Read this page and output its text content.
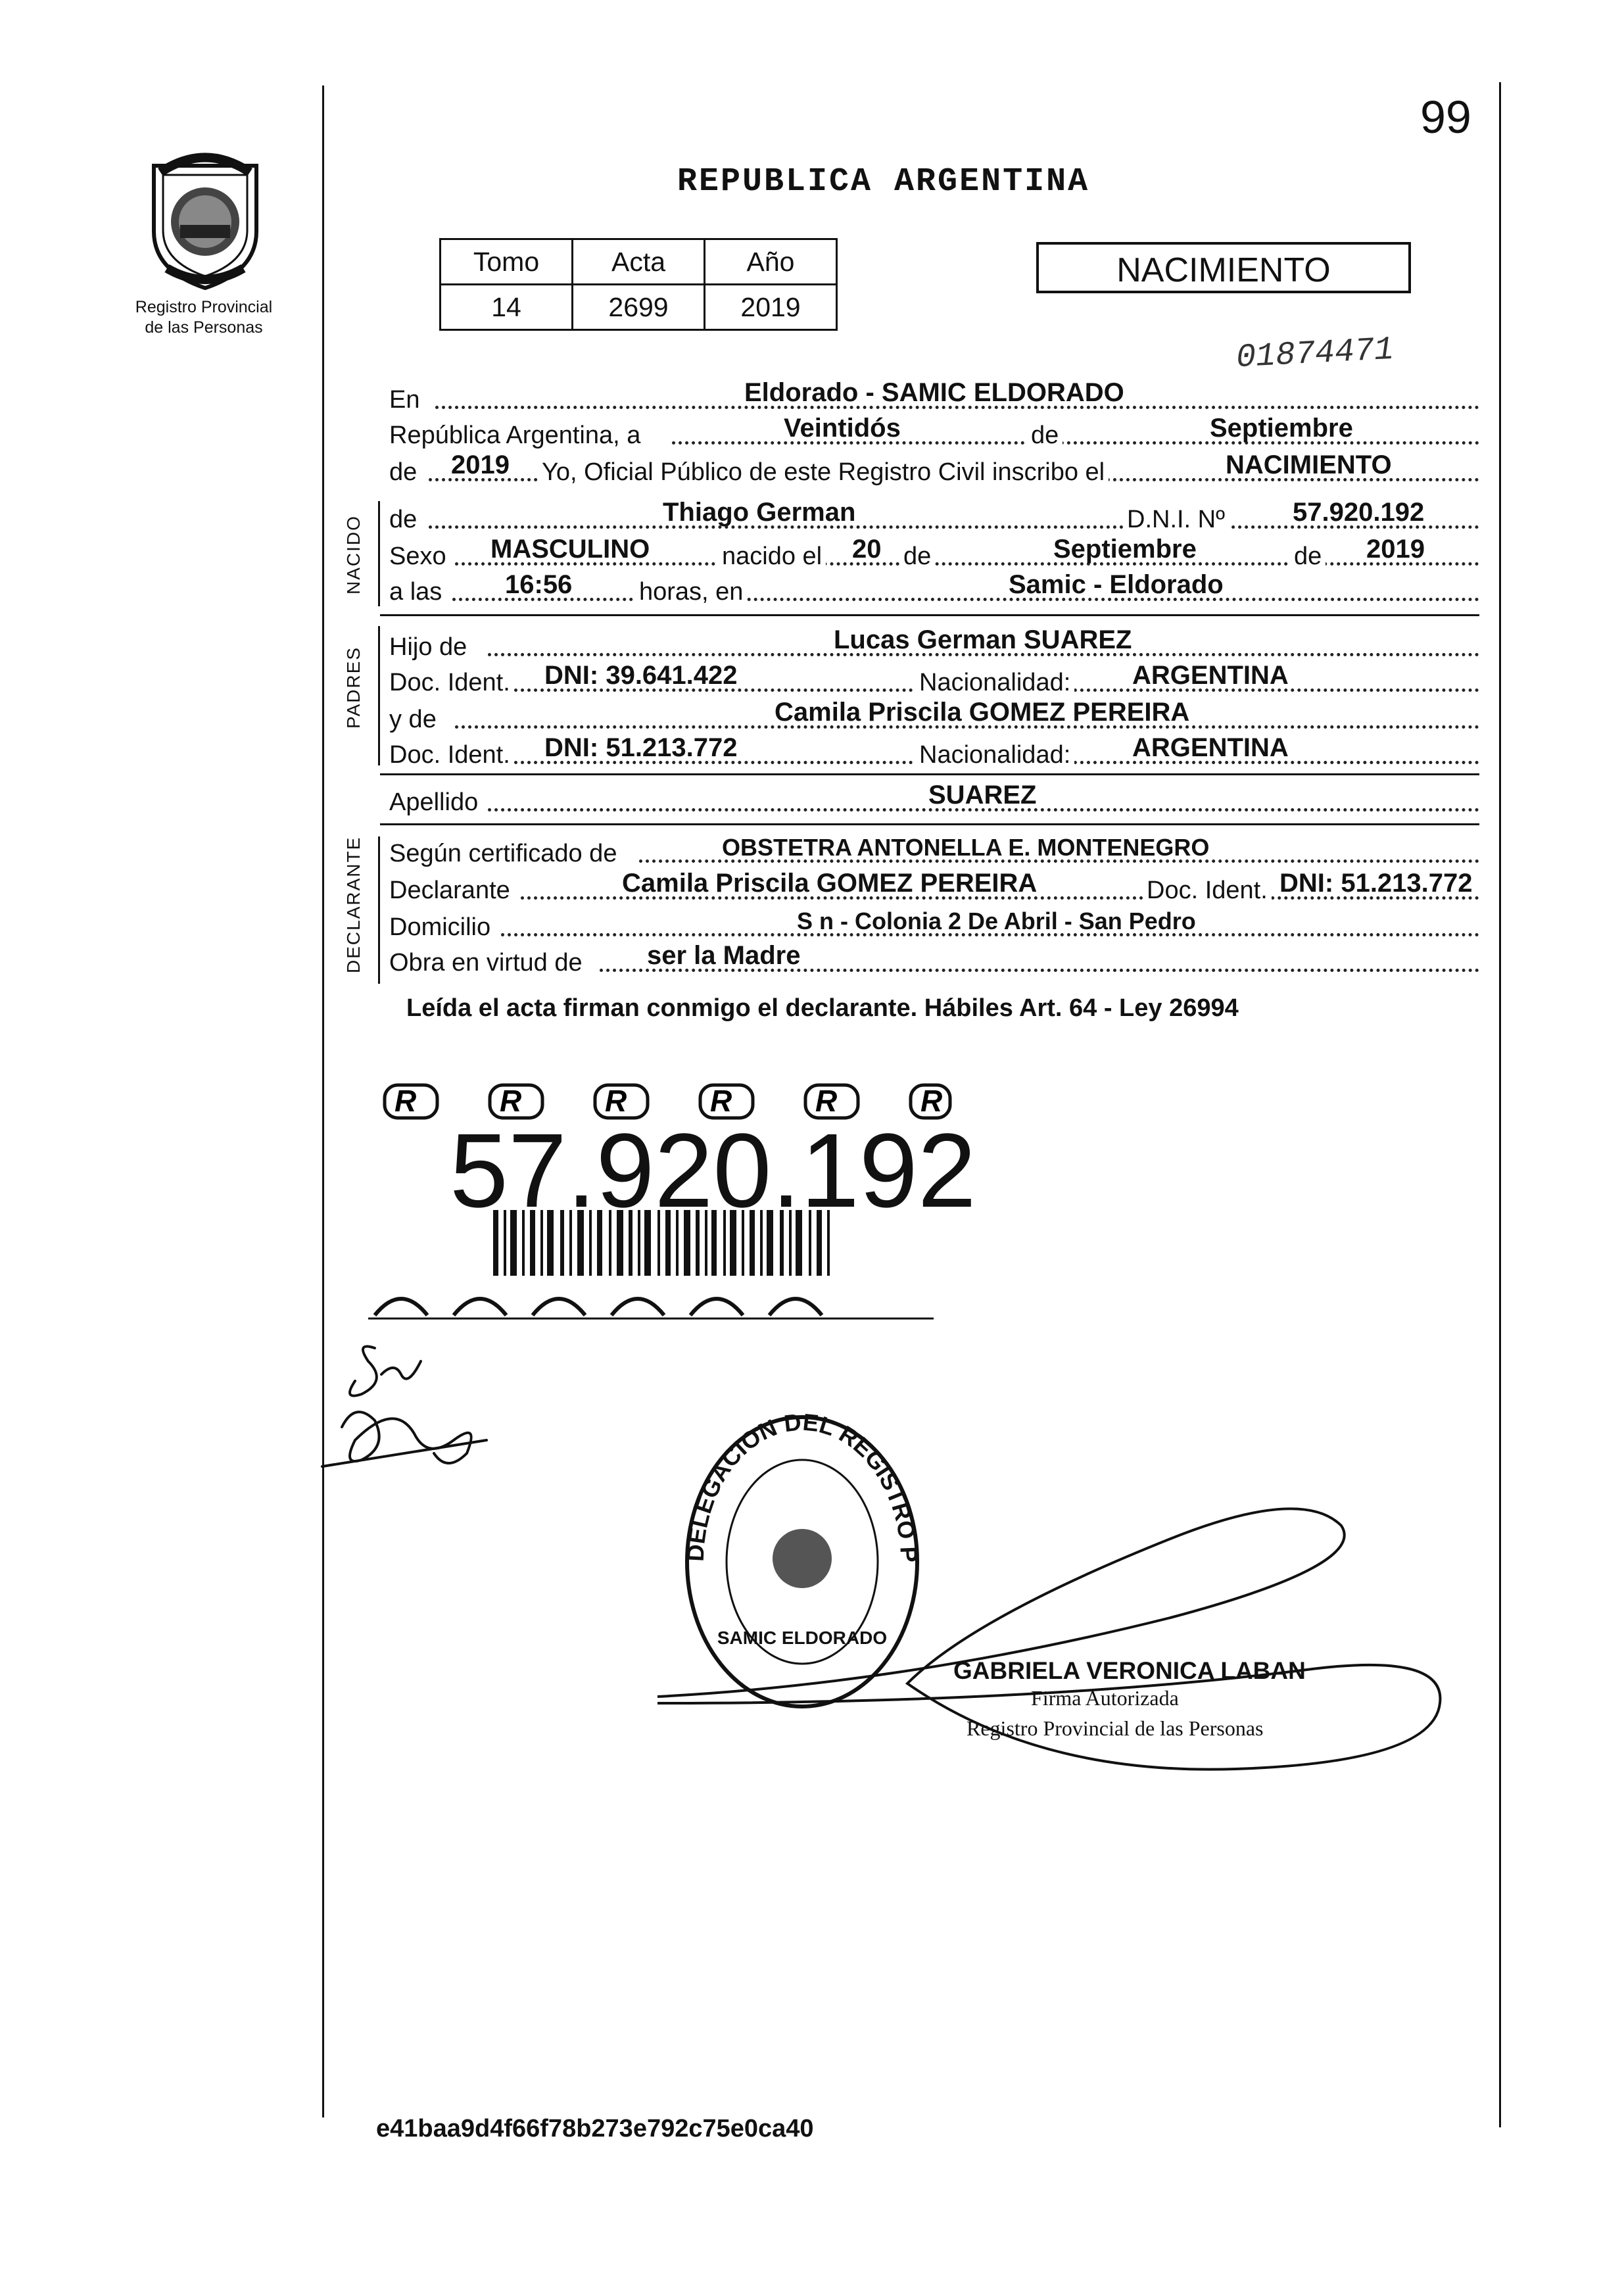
Registro Provincial
de las Personas
99
REPUBLICA ARGENTINA
Tomo	Acta	Año
14	2699	2019
NACIMIENTO
01874471
En	Eldorado - SAMIC ELDORADO
República Argentina, a	Veintidós	de	Septiembre
de 2019 Yo, Oficial Público de este Registro Civil inscribo el	NACIMIENTO
NACIDO de	Thiago German	D.N.I. Nº	57.920.192
Sexo MASCULINO	nacido el 20 de	Septiembre	de 2019
a las 16:56	horas, en	Samic - Eldorado
PADRES Hijo de	Lucas German SUAREZ
Doc. Ident. DNI: 39.641.422	Nacionalidad: ARGENTINA
y de	Camila Priscila GOMEZ PEREIRA
Doc. Ident. DNI: 51.213.772	Nacionalidad: ARGENTINA
Apellido	SUAREZ
DECLARANTE Según certificado de	OBSTETRA ANTONELLA E. MONTENEGRO
Declarante	Camila Priscila GOMEZ PEREIRA	Doc. Ident. DNI: 51.213.772
Domicilio	S n - Colonia 2 De Abril - San Pedro
Obra en virtud de ser la Madre
Leída el acta firman conmigo el declarante. Hábiles Art. 64 - Ley 26994
R	R	R	R	R	R
57.920.192
DELEGACION DEL REGISTRO P
SAMIC ELDORADO
GABRIELA VERONICA LABAN
Firma Autorizada
Registro Provincial de las Personas
e41baa9d4f66f78b273e792c75e0ca40
